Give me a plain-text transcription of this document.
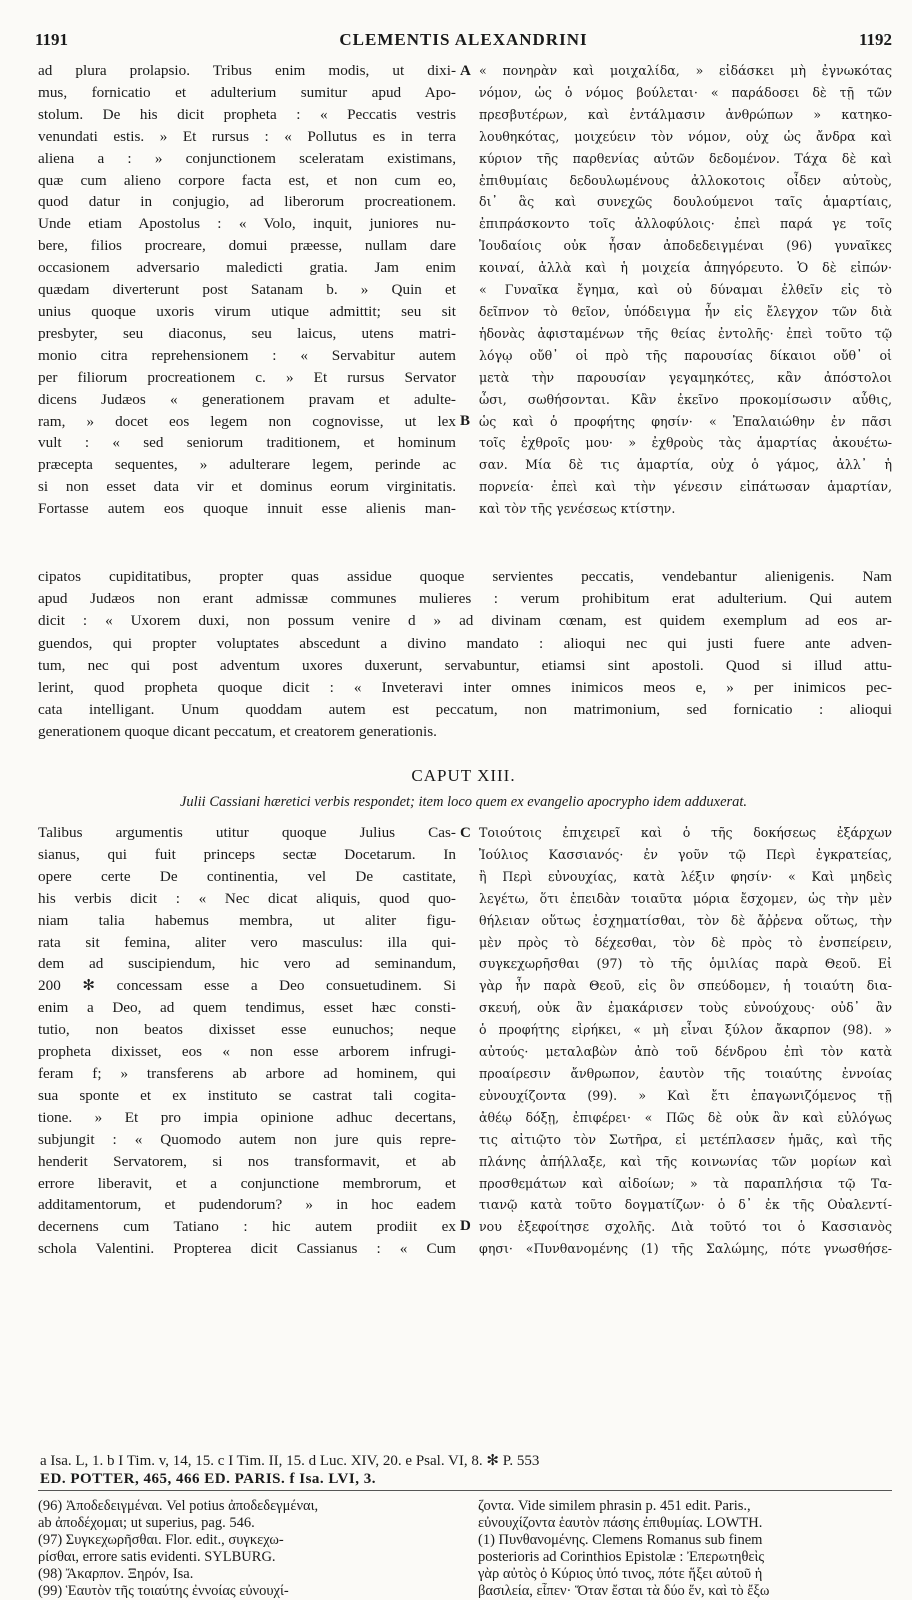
1191	CLEMENTIS ALEXANDRINI	1192
ad plura prolapsio. Tribus enim modis, ut dixi-
mus, fornicatio et adulterium sumitur apud Apo-
stolum. De his dicit propheta : « Peccatis vestris
venundati estis. » Et rursus : « Pollutus es in terra
aliena a : » conjunctionem sceleratam existimans,
quæ cum alieno corpore facta est, et non cum eo,
quod datur in conjugio, ad liberorum procreationem.
Unde etiam Apostolus : « Volo, inquit, juniores nu-
bere, filios procreare, domui præesse, nullam dare
occasionem adversario maledicti gratia. Jam enim
quædam diverterunt post Satanam b. » Quin et
unius quoque uxoris virum utique admittit; seu sit
presbyter, seu diaconus, seu laicus, utens matri-
monio citra reprehensionem : « Servabitur autem
per filiorum procreationem c. » Et rursus Servator
dicens Judæos « generationem pravam et adulte-
ram, » docet eos legem non cognovisse, ut lex
vult : « sed seniorum traditionem, et hominum
præcepta sequentes, » adulterare legem, perinde ac
si non esset data vir et dominus eorum virginitatis.
Fortasse autem eos quoque innuit esse alienis man-
« πονηρὰν καὶ μοιχαλίδα, » εἰδάσκει μὴ ἐγνωκότας
νόμον, ὡς ὁ νόμος βούλεται· « παράδοσει δὲ τῇ τῶν
πρεσβυτέρων, καὶ ἐντάλμασιν ἀνθρώπων » κατηκο-
λουθηκότας, μοιχεύειν τὸν νόμον, οὐχ ὡς ἄνδρα καὶ
κύριον τῆς παρθενίας αὐτῶν δεδομένον. Τάχα δὲ καὶ
ἐπιθυμίαις δεδουλωμένους ἀλλοκοτοις οἶδεν αὐτοὺς,
δι᾽ ἃς καὶ συνεχῶς δουλούμενοι ταῖς ἁμαρτίαις,
ἐπιπράσκοντο τοῖς ἀλλοφύλοις· ἐπεὶ παρά γε τοῖς
Ἰουδαίοις οὐκ ἦσαν ἀποδεδειγμέναι (96) γυναῖκες
κοιναί, ἀλλὰ καὶ ἡ μοιχεία ἀπηγόρευτο. Ὁ δὲ εἰπών·
« Γυναῖκα ἔγημα, καὶ οὐ δύναμαι ἐλθεῖν εἰς τὸ
δεῖπνον τὸ θεῖον, ὑπόδειγμα ἦν εἰς ἔλεγχον τῶν διὰ
ἡδονὰς ἀφισταμένων τῆς θείας ἐντολῆς· ἐπεὶ τοῦτο τῷ
λόγῳ οὔθ᾽ οἱ πρὸ τῆς παρουσίας δίκαιοι οὔθ᾽ οἱ
μετὰ τὴν παρουσίαν γεγαμηκότες, κἂν ἀπόστολοι
ὦσι, σωθήσονται. Κἂν ἐκεῖνο προκομίσωσιν αὖθις,
ὡς καὶ ὁ προφήτης φησίν· « Ἐπαλαιώθην ἐν πᾶσι
τοῖς ἐχθροῖς μου· » ἐχθροὺς τὰς ἁμαρτίας ἀκουέτω-
σαν. Μία δὲ τις ἁμαρτία, οὐχ ὁ γάμος, ἀλλ᾽ ἡ
πορνεία· ἐπεὶ καὶ τὴν γένεσιν εἰπάτωσαν ἁμαρτίαν,
καὶ τὸν τῆς γενέσεως κτίστην.
A
B
cipatos cupiditatibus, propter quas assidue quoque servientes peccatis, vendebantur alienigenis. Nam
apud Judæos non erant admissæ communes mulieres : verum prohibitum erat adulterium. Qui autem
dicit : « Uxorem duxi, non possum venire d » ad divinam cœnam, est quidem exemplum ad eos ar-
guendos, qui propter voluptates abscedunt a divino mandato : alioqui nec qui justi fuere ante adven-
tum, nec qui post adventum uxores duxerunt, servabuntur, etiamsi sint apostoli. Quod si illud attu-
lerint, quod propheta quoque dicit : « Inveteravi inter omnes inimicos meos e, » per inimicos pec-
cata intelligant. Unum quoddam autem est peccatum, non matrimonium, sed fornicatio : alioqui
generationem quoque dicant peccatum, et creatorem generationis.
CAPUT XIII.
Julii Cassiani hæretici verbis respondet; item loco quem ex evangelio apocrypho idem adduxerat.
Talibus argumentis utitur quoque Julius Cas-
sianus, qui fuit princeps sectæ Docetarum. In
opere certe De continentia, vel De castitate,
his verbis dicit : « Nec dicat aliquis, quod quo-
niam talia habemus membra, ut aliter figu-
rata sit femina, aliter vero masculus: illa qui-
dem ad suscipiendum, hic vero ad seminandum,
200 ✻ concessam esse a Deo consuetudinem. Si
enim a Deo, ad quem tendimus, esset hæc consti-
tutio, non beatos dixisset esse eunuchos; neque
propheta dixisset, eos « non esse arborem infrugi-
feram f; » transferens ab arbore ad hominem, qui
sua sponte et ex instituto se castrat tali cogita-
tione. » Et pro impia opinione adhuc decertans,
subjungit : « Quomodo autem non jure quis repre-
henderit Servatorem, si nos transformavit, et ab
errore liberavit, et a conjunctione membrorum, et
additamentorum, et pudendorum? » in hoc eadem
decernens cum Tatiano : hic autem prodiit ex
schola Valentini. Propterea dicit Cassianus : « Cum
Τοιούτοις ἐπιχειρεῖ καὶ ὁ τῆς δοκήσεως ἐξάρχων
Ἰούλιος Κασσιανός· ἐν γοῦν τῷ Περὶ ἐγκρατείας,
ἢ Περὶ εὐνουχίας, κατὰ λέξιν φησίν· « Καὶ μηδεὶς
λεγέτω, ὅτι ἐπειδὰν τοιαῦτα μόρια ἔσχομεν, ὡς τὴν μὲν
θήλειαν οὕτως ἐσχηματίσθαι, τὸν δὲ ἄῤῥενα οὕτως, τὴν
μὲν πρὸς τὸ δέχεσθαι, τὸν δὲ πρὸς τὸ ἐνσπείρειν,
συγκεχωρῆσθαι (97) τὸ τῆς ὁμιλίας παρὰ Θεοῦ. Εἰ
γὰρ ἦν παρὰ Θεοῦ, εἰς ὃν σπεύδομεν, ἡ τοιαύτη δια-
σκευή, οὐκ ἂν ἐμακάρισεν τοὺς εὐνούχους· οὐδ᾽ ἂν
ὁ προφήτης εἰρήκει, « μὴ εἶναι ξύλον ἄκαρπον (98). »
αὐτούς· μεταλαβὼν ἀπὸ τοῦ δένδρου ἐπὶ τὸν κατὰ
προαίρεσιν ἄνθρωπον, ἑαυτὸν τῆς τοιαύτης ἐννοίας
εὐνουχίζοντα (99). » Καὶ ἔτι ἐπαγωνιζόμενος τῇ
ἀθέῳ δόξῃ, ἐπιφέρει· « Πῶς δὲ οὐκ ἂν καὶ εὐλόγως
τις αἰτιῷτο τὸν Σωτῆρα, εἰ μετέπλασεν ἡμᾶς, καὶ τῆς
πλάνης ἀπήλλαξε, καὶ τῆς κοινωνίας τῶν μορίων καὶ
προσθεμάτων καὶ αἰδοίων; » τὰ παραπλήσια τῷ Τα-
τιανῷ κατὰ τοῦτο δογματίζων· ὁ δ᾽ ἐκ τῆς Οὐαλεντί-
νου ἐξεφοίτησε σχολῆς. Διὰ τοῦτό τοι ὁ Κασσιανὸς
φησι· «Πυνθανομένης (1) τῆς Σαλώμης, πότε γνωσθήσε-
C
D
a Isa. L, 1. b I Tim. v, 14, 15. c I Tim. II, 15. d Luc. XIV, 20. e Psal. VI, 8. ✻ P. 553
ED. POTTER, 465, 466 ED. PARIS. f Isa. LVI, 3.
(96) Ἀποδεδειγμέναι. Vel potius ἀποδεδεγμέναι,
ab ἀποδέχομαι; ut superius, pag. 546.
(97) Συγκεχωρῆσθαι. Flor. edit., συγκεχω-
ρίσθαι, errore satis evidenti. SYLBURG.
(98) Ἄκαρπον. Ξηρόν, Isa.
(99) Ἑαυτὸν τῆς τοιαύτης ἐννοίας εὐνουχί-
ζοντα. Vide similem phrasin p. 451 edit. Paris.,
εὐνουχίζοντα ἑαυτὸν πάσης ἐπιθυμίας. LOWTH.
(1) Πυνθανομένης. Clemens Romanus sub finem
posterioris ad Corinthios Epistolæ : Ἐπερωτηθεὶς
γὰρ αὐτὸς ὁ Κύριος ὑπό τινος, πότε ἥξει αὐτοῦ ἡ
βασιλεία, εἶπεν· Ὅταν ἔσται τὰ δύο ἕν, καὶ τὸ ἔξω
